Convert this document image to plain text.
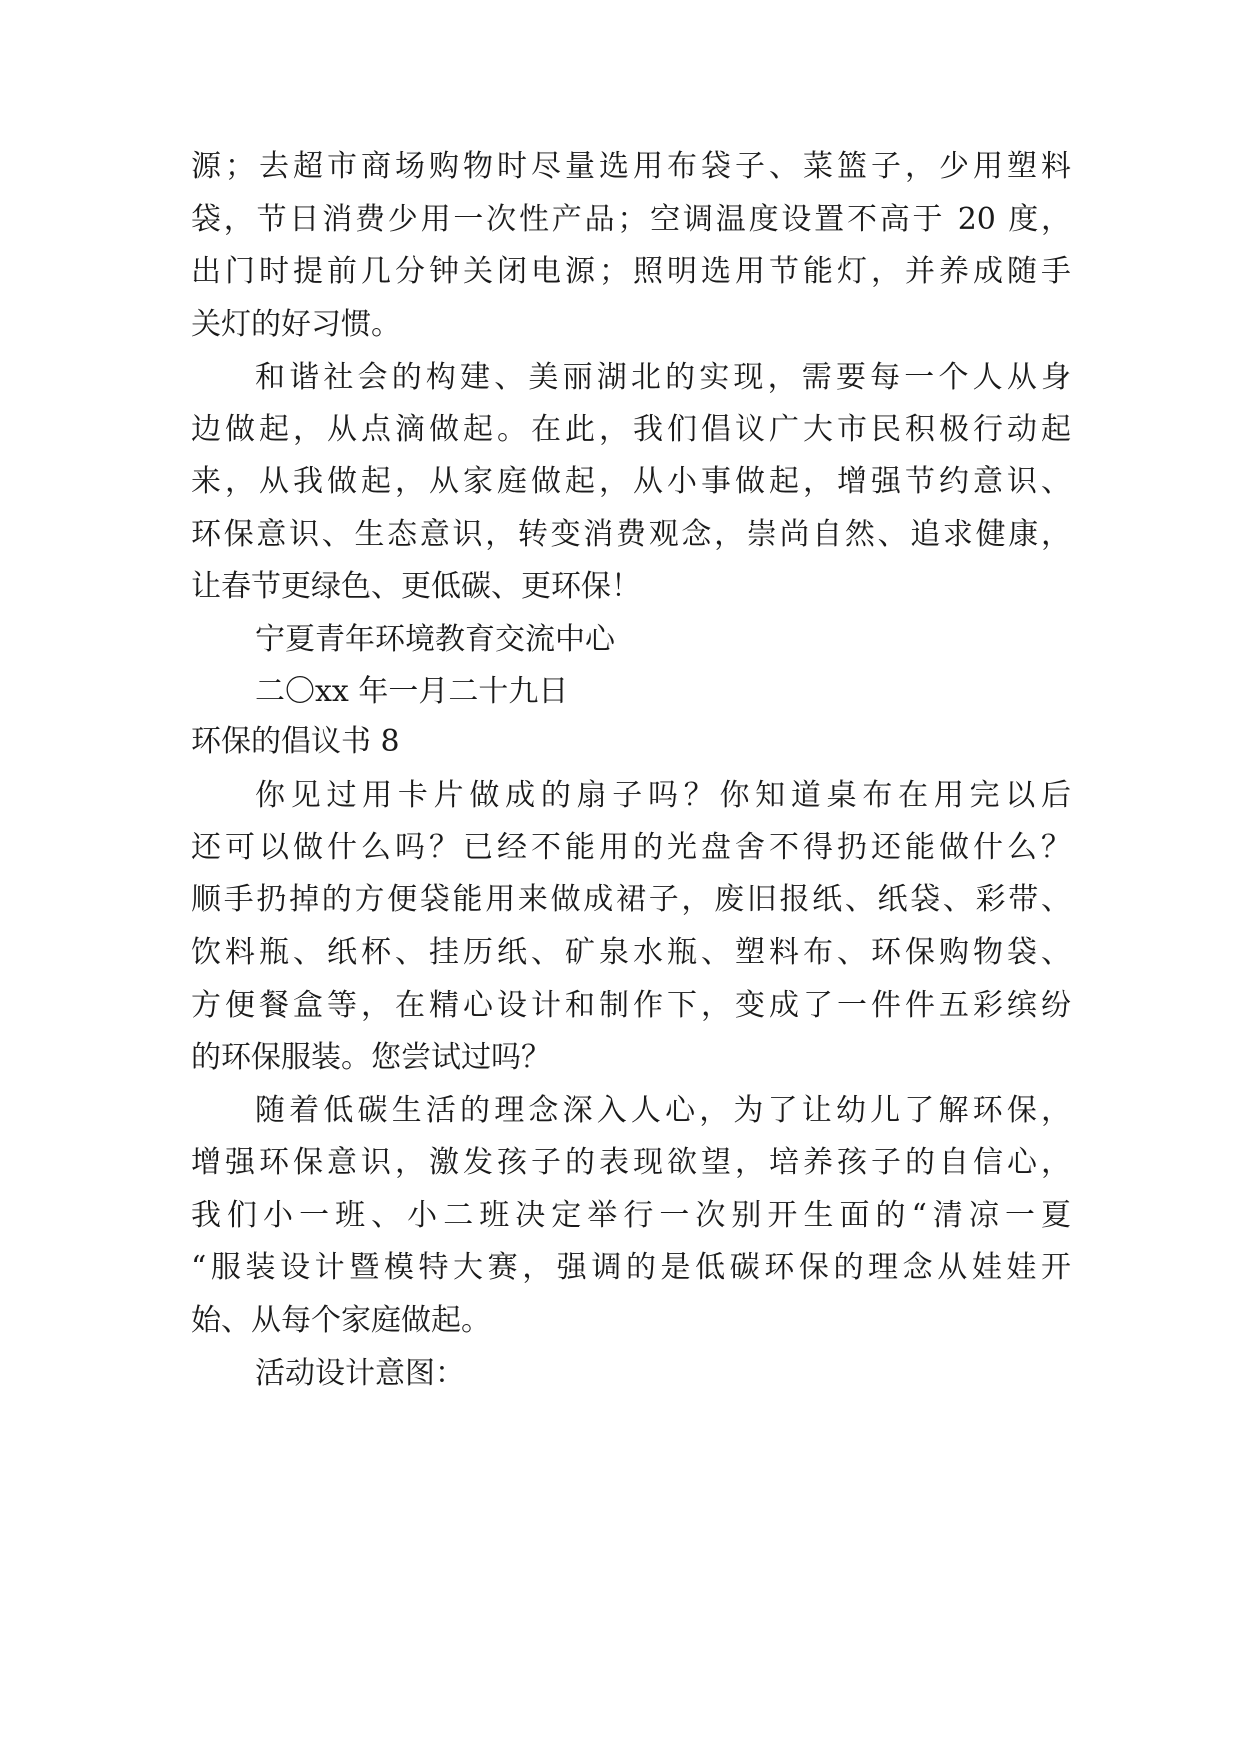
源；去超市商场购物时尽量选用布袋子、菜篮子，少用塑料
袋，节日消费少用一次性产品；空调温度设置不高于 20 度，
出门时提前几分钟关闭电源；照明选用节能灯，并养成随手
关灯的好习惯。
和谐社会的构建、美丽湖北的实现，需要每一个人从身
边做起，从点滴做起。在此，我们倡议广大市民积极行动起
来，从我做起，从家庭做起，从小事做起，增强节约意识、
环保意识、生态意识，转变消费观念，崇尚自然、追求健康，
让春节更绿色、更低碳、更环保！
宁夏青年环境教育交流中心
二〇xx 年一月二十九日
环保的倡议书 8
你见过用卡片做成的扇子吗？你知道桌布在用完以后
还可以做什么吗？已经不能用的光盘舍不得扔还能做什么？
顺手扔掉的方便袋能用来做成裙子，废旧报纸、纸袋、彩带、
饮料瓶、纸杯、挂历纸、矿泉水瓶、塑料布、环保购物袋、
方便餐盒等，在精心设计和制作下，变成了一件件五彩缤纷
的环保服装。您尝试过吗？
随着低碳生活的理念深入人心，为了让幼儿了解环保，
增强环保意识，激发孩子的表现欲望，培养孩子的自信心，
我们小一班、小二班决定举行一次别开生面的“清凉一夏
“服装设计暨模特大赛，强调的是低碳环保的理念从娃娃开
始、从每个家庭做起。
活动设计意图：
